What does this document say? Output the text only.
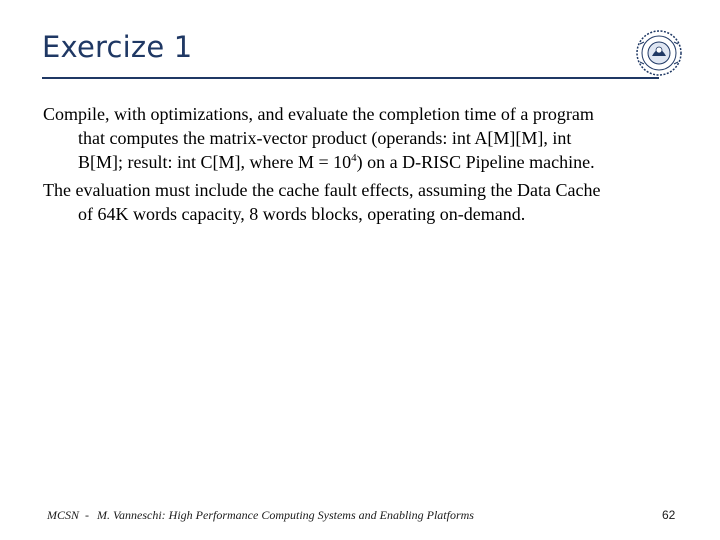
Exercize 1

Compile, with optimizations, and evaluate the completion time of a program
that computes the matrix-vector product (operands: int A[M][M], int
B[M]; result: int C[M], where $M = 10^4$) on a D-RISC Pipeline machine.

The evaluation must include the cache fault effects, assuming the Data Cache
of 64K words capacity, 8 words blocks, operating on-demand.

MCSN - M. Vanneschi: High Performance Computing Systems and Enabling Platforms	62
